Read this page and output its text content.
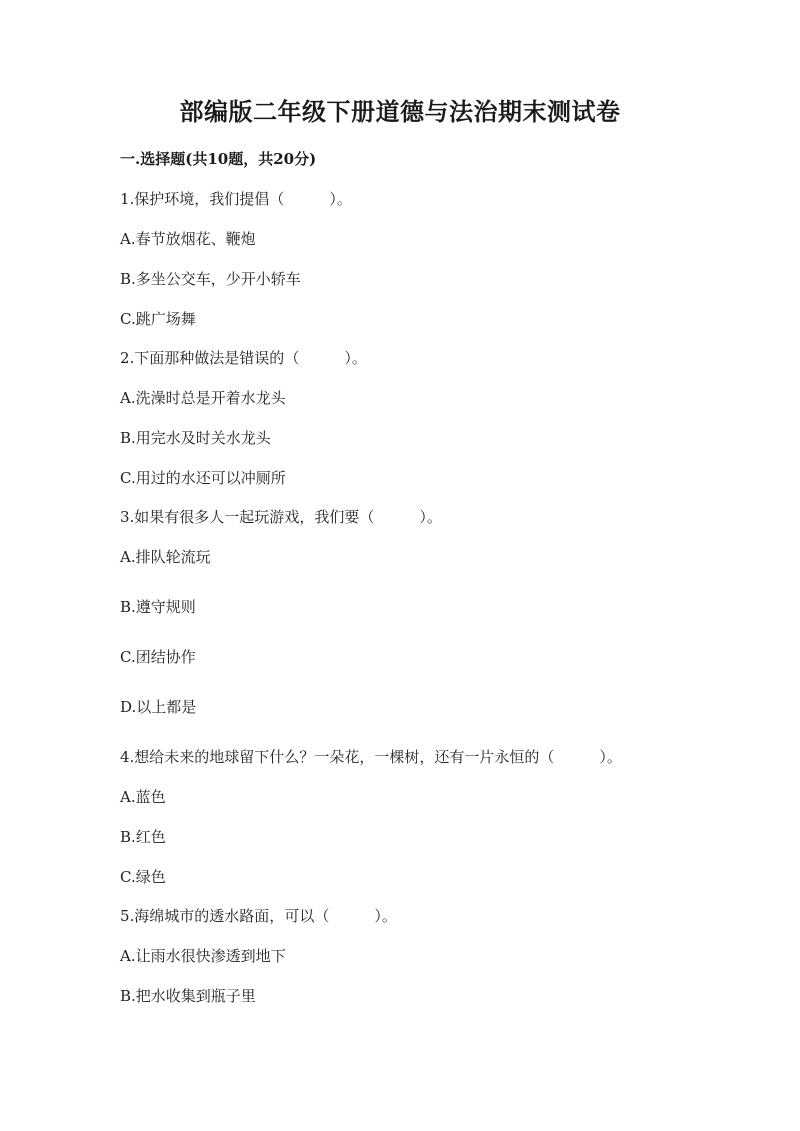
部编版二年级下册道德与法治期末测试卷
一.选择题(共10题，共20分)
1.保护环境，我们提倡（　　　）。
A.春节放烟花、鞭炮
B.多坐公交车，少开小轿车
C.跳广场舞
2.下面那种做法是错误的（　　　）。
A.洗澡时总是开着水龙头
B.用完水及时关水龙头
C.用过的水还可以冲厕所
3.如果有很多人一起玩游戏，我们要（　　　）。
A.排队轮流玩
B.遵守规则
C.团结协作
D.以上都是
4.想给未来的地球留下什么？一朵花，一棵树，还有一片永恒的（　　　）。
A.蓝色
B.红色
C.绿色
5.海绵城市的透水路面，可以（　　　）。
A.让雨水很快渗透到地下
B.把水收集到瓶子里
